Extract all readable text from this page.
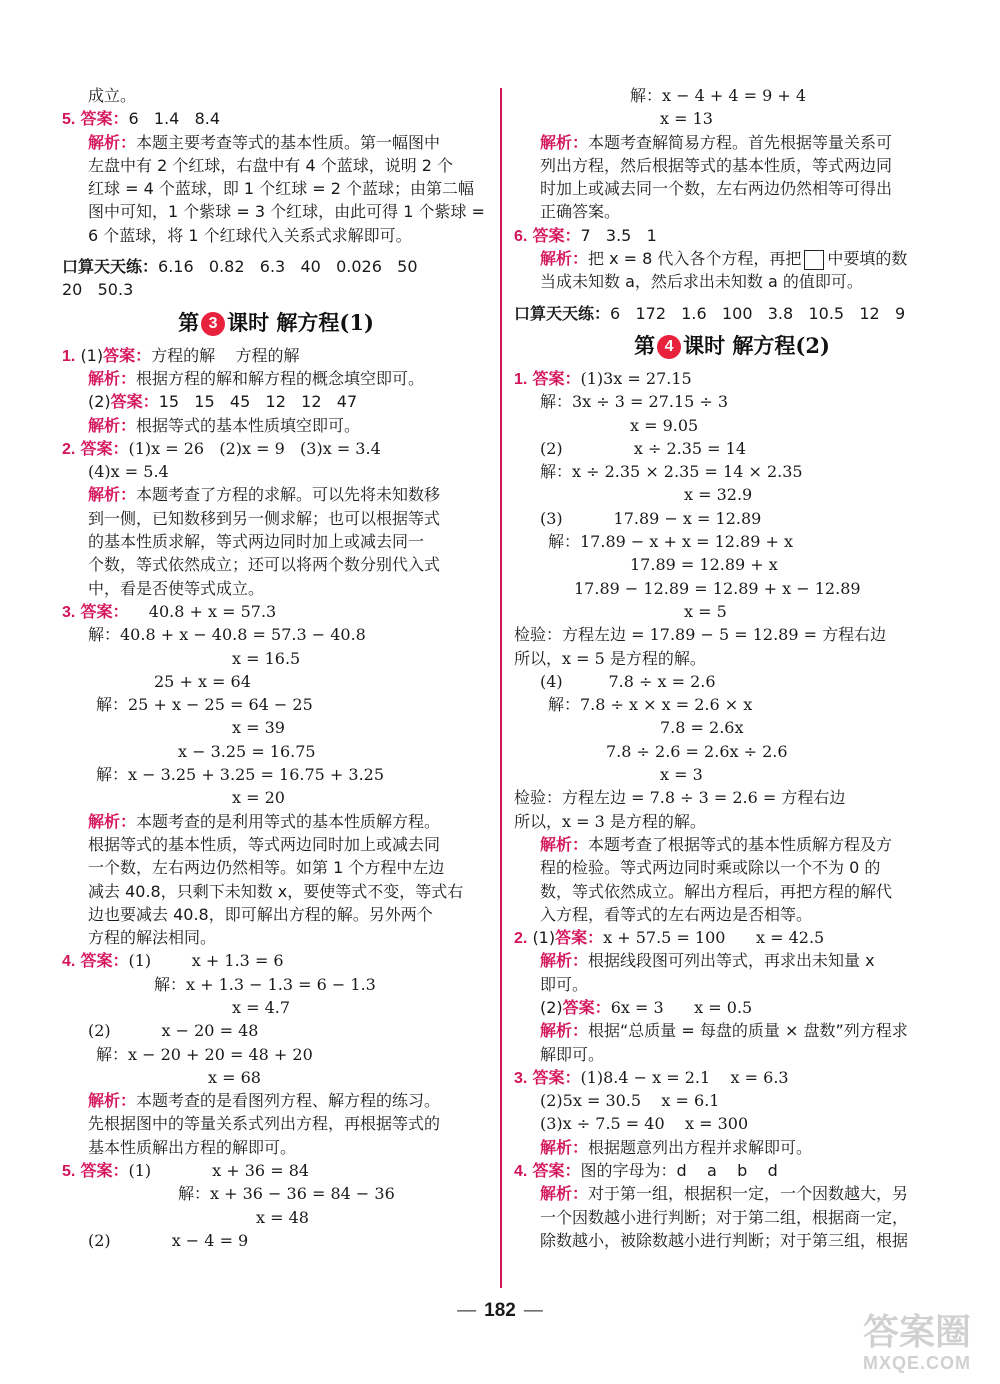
成立。
5. 答案：6   1.4   8.4
解析：本题主要考查等式的基本性质。第一幅图中
左盘中有 2 个红球，右盘中有 4 个蓝球，说明 2 个
红球 = 4 个蓝球，即 1 个红球 = 2 个蓝球；由第二幅
图中可知，1 个紫球 = 3 个红球，由此可得 1 个紫球 =
6 个蓝球，将 1 个红球代入关系式求解即可。
口算天天练：6.16   0.82   6.3   40   0.026   50
20   50.3
第 3 课时 解方程(1)
1. (1)答案：方程的解    方程的解
解析：根据方程的解和解方程的概念填空即可。
(2)答案：15   15   45   12   12   47
解析：根据等式的基本性质填空即可。
2. 答案：(1)x = 26   (2)x = 9   (3)x = 3.4
(4)x = 5.4
解析：本题考查了方程的求解。可以先将未知数移
到一侧，已知数移到另一侧求解；也可以根据等式
的基本性质求解，等式两边同时加上或减去同一
个数，等式依然成立；还可以将两个数分别代入式
中，看是否使等式成立。
3. 答案：    40.8 + x = 57.3
解：40.8 + x − 40.8 = 57.3 − 40.8
x = 16.5
25 + x = 64
解：25 + x − 25 = 64 − 25
x = 39
x − 3.25 = 16.75
解：x − 3.25 + 3.25 = 16.75 + 3.25
x = 20
解析：本题考查的是利用等式的基本性质解方程。
根据等式的基本性质，等式两边同时加上或减去同
一个数，左右两边仍然相等。如第 1 个方程中左边
减去 40.8，只剩下未知数 x，要使等式不变，等式右
边也要减去 40.8，即可解出方程的解。另外两个
方程的解法相同。
4. 答案：(1)        x + 1.3 = 6
解：x + 1.3 − 1.3 = 6 − 1.3
x = 4.7
(2)          x − 20 = 48
解：x − 20 + 20 = 48 + 20
x = 68
解析：本题考查的是看图列方程、解方程的练习。
先根据图中的等量关系式列出方程，再根据等式的
基本性质解出方程的解即可。
5. 答案：(1)            x + 36 = 84
解：x + 36 − 36 = 84 − 36
x = 48
(2)            x − 4 = 9
解：x − 4 + 4 = 9 + 4
x = 13
解析：本题考查解简易方程。首先根据等量关系可
列出方程，然后根据等式的基本性质，等式两边同
时加上或减去同一个数，左右两边仍然相等可得出
正确答案。
6. 答案：7   3.5   1
解析：把 x = 8 代入各个方程，再把 中要填的数
当成未知数 a，然后求出未知数 a 的值即可。
口算天天练：6   172   1.6   100   3.8   10.5   12   9
第 4 课时 解方程(2)
1. 答案：(1)3x = 27.15
解：3x ÷ 3 = 27.15 ÷ 3
x = 9.05
(2)              x ÷ 2.35 = 14
解：x ÷ 2.35 × 2.35 = 14 × 2.35
x = 32.9
(3)          17.89 − x = 12.89
解：17.89 − x + x = 12.89 + x
17.89 = 12.89 + x
17.89 − 12.89 = 12.89 + x − 12.89
x = 5
检验：方程左边 = 17.89 − 5 = 12.89 = 方程右边
所以，x = 5 是方程的解。
(4)         7.8 ÷ x = 2.6
解：7.8 ÷ x × x = 2.6 × x
7.8 = 2.6x
7.8 ÷ 2.6 = 2.6x ÷ 2.6
x = 3
检验：方程左边 = 7.8 ÷ 3 = 2.6 = 方程右边
所以，x = 3 是方程的解。
解析：本题考查了根据等式的基本性质解方程及方
程的检验。等式两边同时乘或除以一个不为 0 的
数，等式依然成立。解出方程后，再把方程的解代
入方程，看等式的左右两边是否相等。
2. (1)答案：x + 57.5 = 100      x = 42.5
解析：根据线段图可列出等式，再求出未知量 x
即可。
(2)答案：6x = 3      x = 0.5
解析：根据“总质量 = 每盘的质量 × 盘数”列方程求
解即可。
3. 答案：(1)8.4 − x = 2.1    x = 6.3
(2)5x = 30.5    x = 6.1
(3)x ÷ 7.5 = 40    x = 300
解析：根据题意列出方程并求解即可。
4. 答案：图的字母为：d    a    b    d
解析：对于第一组，根据积一定，一个因数越大，另
一个因数越小进行判断；对于第二组，根据商一定，
除数越小，被除数越小进行判断；对于第三组，根据
— 182 —
答案圈
MXQE.COM
